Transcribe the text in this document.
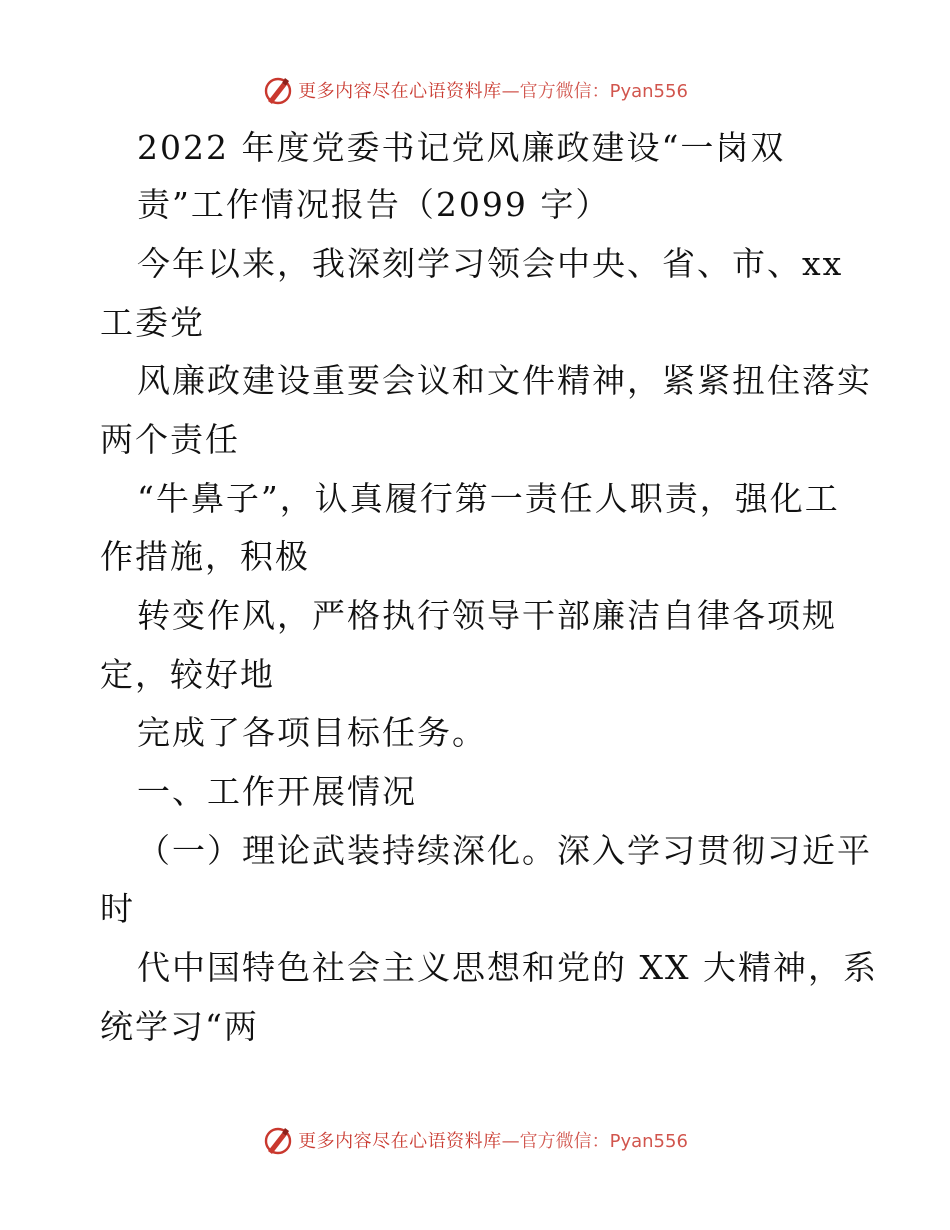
更多内容尽在心语资料库 —官方微信：Pyan556
2022 年度党委书记党风廉政建设“一岗双
责”工作情况报告（2099 字）
今年以来，我深刻学习领会中央、省、市、xx
工委党
风廉政建设重要会议和文件精神，紧紧扭住落实
两个责任
“牛鼻子”，认真履行第一责任人职责，强化工
作措施，积极
转变作风，严格执行领导干部廉洁自律各项规
定，较好地
完成了各项目标任务。
一、工作开展情况
（一）理论武装持续深化。深入学习贯彻习近平
时
代中国特色社会主义思想和党的 XX 大精神，系
统学习“两
更多内容尽在心语资料库 —官方微信：Pyan556
